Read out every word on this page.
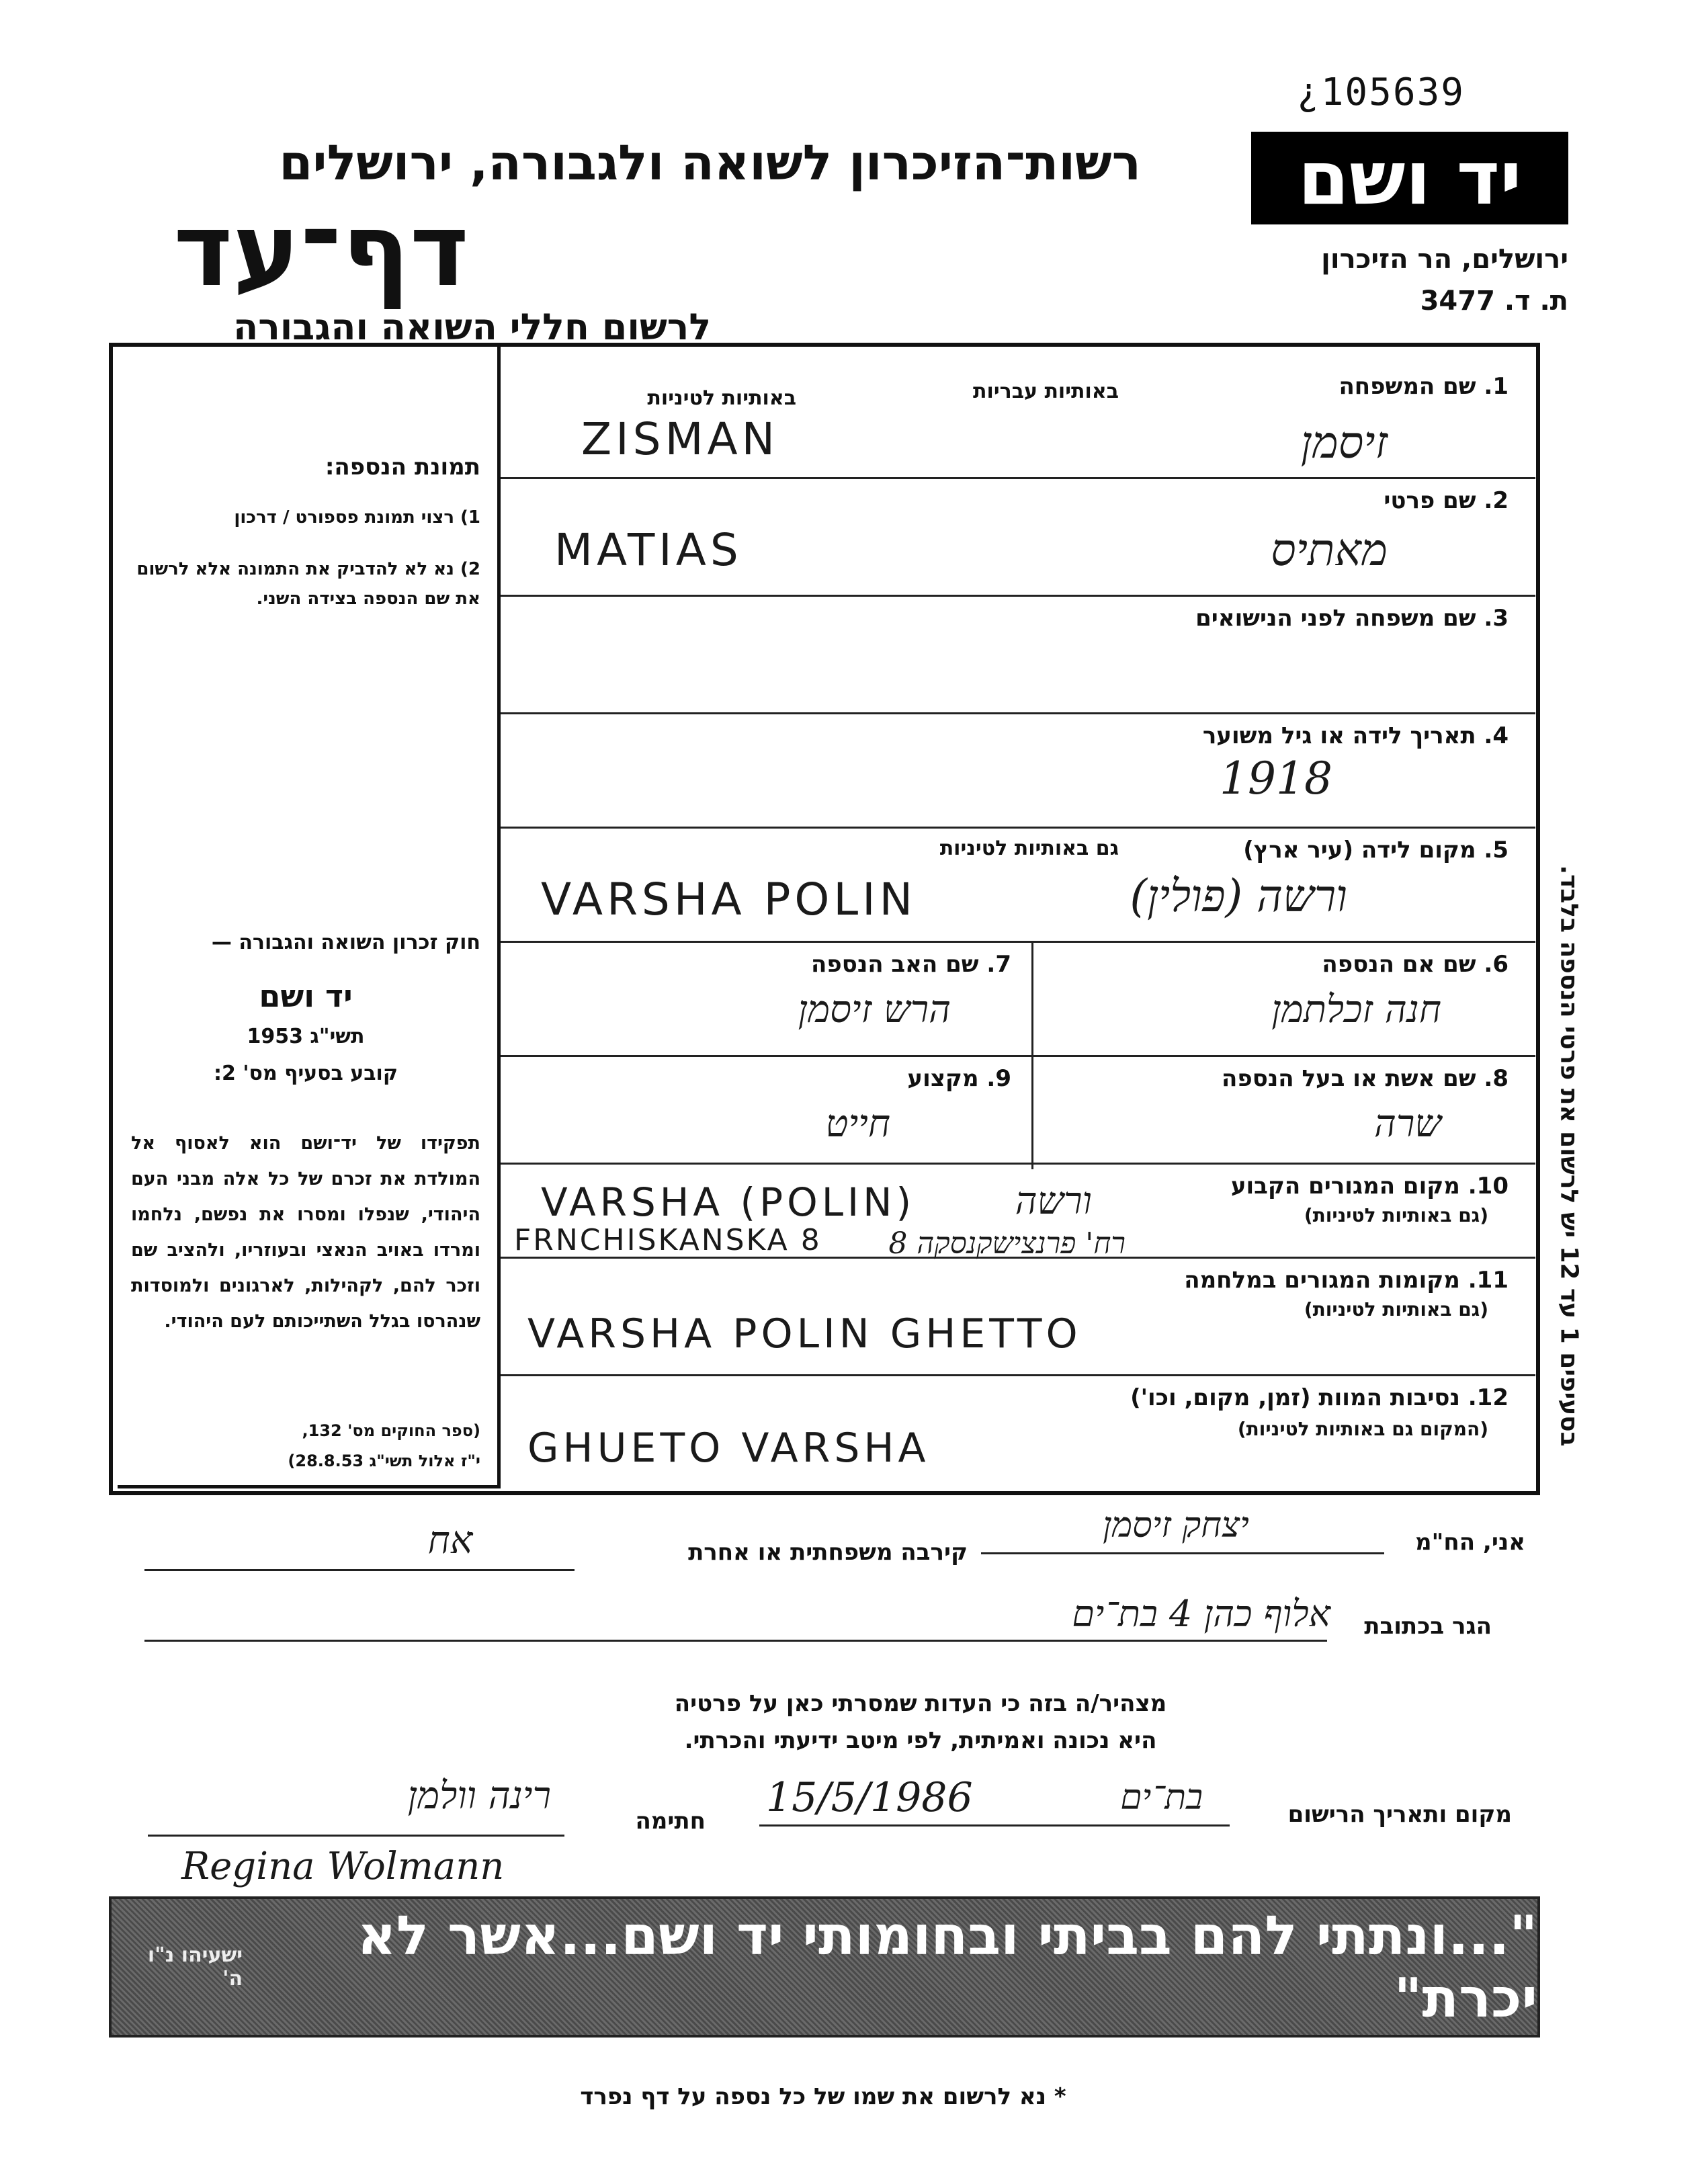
¿105639
יד ושם
ירושלים, הר הזיכרון
ת. ד. 3477
רשות־הזיכרון לשואה ולגבורה, ירושלים
דף־עד
לרשום חללי השואה והגבורה
תמונת הנספה:
1) רצוי תמונת פספורט / דרכון
2) נא לא להדביק את התמונה אלא לרשום את שם הנספה בצידה השני.
חוק זכרון השואה והגבורה —
יד ושם
תשי"ג 1953
קובע בסעיף מס' 2:
תפקידו של יד־ושם הוא לאסוף אל המולדת את זכרם של כל אלה מבני העם היהודי, שנפלו ומסרו את נפשם, נלחמו ומרדו באויב הנאצי ובעוזריו, ולהציב שם וזכר להם, לקהילות, לארגונים ולמוסדות שנהרסו בגלל השתייכותם לעם היהודי.
(ספר החוקים מס' 132,
י"ז אלול תשי"ג 28.8.53)
1. שם המשפחה
באותיות עבריות
באותיות לטיניות
ZISMAN	זיסמן
2. שם פרטי
MATIAS	מאתיס
3. שם משפחה לפני הנישואים
4. תאריך לידה או גיל משוער
1918
5. מקום לידה (עיר ארץ)
גם באותיות לטיניות
VARSHA POLIN	ורשה (פולין)
6. שם אם הנספה
חנה זכלתמן
7. שם האב הנספה
הרש זיסמן
8. שם אשת או בעל הנספה
שרה
9. מקצוע
חייט
10. מקום המגורים הקבוע
(גם באותיות לטיניות)
VARSHA (POLIN)
FRNCHISKANSKA 8
ורשה
רח' פרנצישקנסקה 8
11. מקומות המגורים במלחמה
(גם באותיות לטיניות)
VARSHA POLIN GHETTO
12. נסיבות המוות (זמן, מקום, וכו')
(המקום גם באותיות לטיניות)
GHUETO VARSHA
בסעיפים 1 עד 12 יש לרשום את פרטי הנספה בלבד.
אני, הח"מ
יצחק זיסמן
קירבה משפחתית או אחרת
אח
הגר בכתובת
אלוף כהן 4 בת־ים
מצהיר/ה בזה כי העדות שמסרתי כאן על פרטיה
היא נכונה ואמיתית, לפי מיטב ידיעתי והכרתי.
מקום ותאריך הרישום
בת־ים
15/5/1986
חתימה
רינה וולמן
Regina Wolmann
ישעיהו נ"ו ה'
"...ונתתי להם בביתי ובחומותי יד ושם...אשר לא יכרת"
* נא לרשום את שמו של כל נספה על דף נפרד
